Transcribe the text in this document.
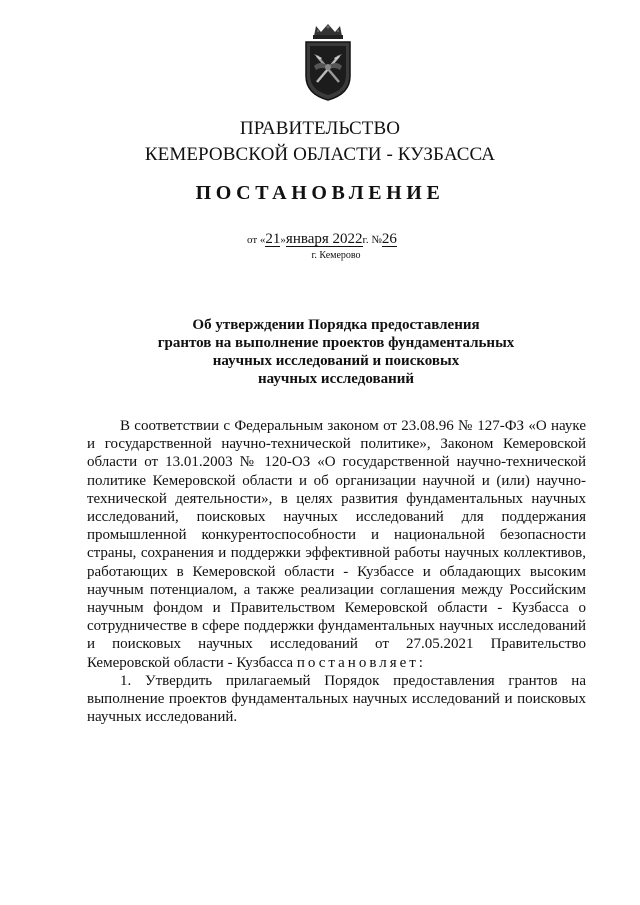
ПРАВИТЕЛЬСТВО
КЕМЕРОВСКОЙ ОБЛАСТИ - КУЗБАССА
ПОСТАНОВЛЕНИЕ
от «21»января 2022г. №26
г. Кемерово
Об утверждении Порядка предоставления
грантов на выполнение проектов фундаментальных
научных исследований и поисковых
научных исследований

В соответствии с Федеральным законом от 23.08.96 № 127-ФЗ «О науке и государственной научно-технической политике», Законом Кемеровской области от 13.01.2003 № 120-ОЗ «О государственной научно-технической политике Кемеровской области и об организации научной и (или) научно-технической деятельности», в целях развития фундаментальных научных исследований, поисковых научных исследований для поддержания промышленной конкурентоспособности и национальной безопасности страны, сохранения и поддержки эффективной работы научных коллективов, работающих в Кемеровской области - Кузбассе и обладающих высоким научным потенциалом, а также реализации соглашения между Российским научным фондом и Правительством Кемеровской области - Кузбасса о сотрудничестве в сфере поддержки фундаментальных научных исследований и поисковых научных исследований от 27.05.2021 Правительство Кемеровской области - Кузбасса постановляет:

1. Утвердить прилагаемый Порядок предоставления грантов на выполнение проектов фундаментальных научных исследований и поисковых научных исследований.
